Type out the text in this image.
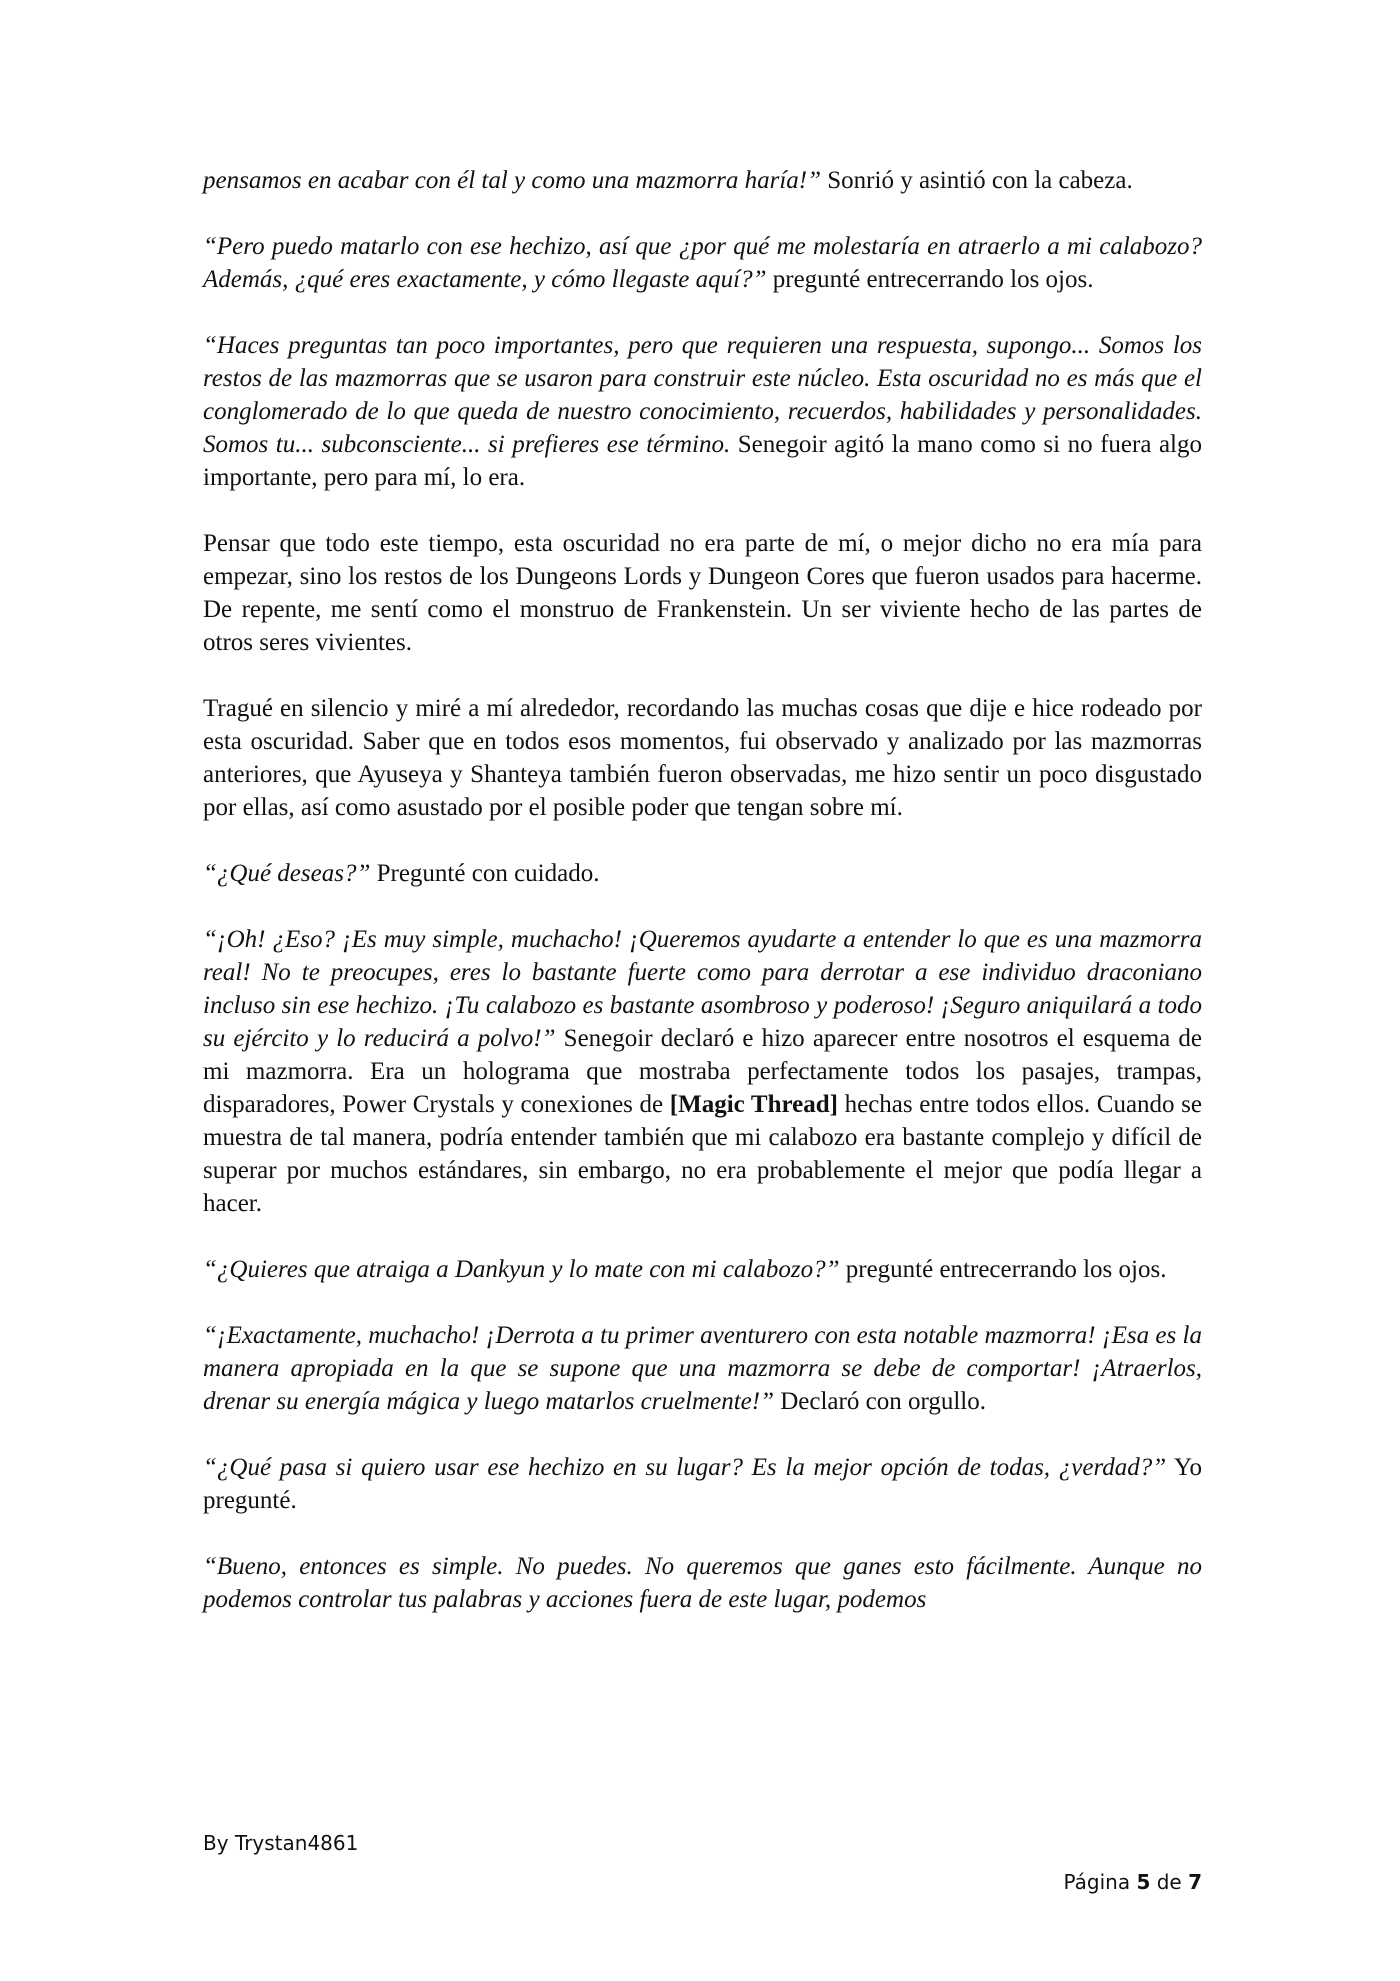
pensamos en acabar con él tal y como una mazmorra haría!” Sonrió y asintió con la cabeza.

“Pero puedo matarlo con ese hechizo, así que ¿por qué me molestaría en atraerlo a mi calabozo? Además, ¿qué eres exactamente, y cómo llegaste aquí?” pregunté entrecerrando los ojos.

“Haces preguntas tan poco importantes, pero que requieren una respuesta, supongo... Somos los restos de las mazmorras que se usaron para construir este núcleo. Esta oscuridad no es más que el conglomerado de lo que queda de nuestro conocimiento, recuerdos, habilidades y personalidades. Somos tu... subconsciente... si prefieres ese término. Senegoir agitó la mano como si no fuera algo importante, pero para mí, lo era.

Pensar que todo este tiempo, esta oscuridad no era parte de mí, o mejor dicho no era mía para empezar, sino los restos de los Dungeons Lords y Dungeon Cores que fueron usados para hacerme. De repente, me sentí como el monstruo de Frankenstein. Un ser viviente hecho de las partes de otros seres vivientes.

Tragué en silencio y miré a mí alrededor, recordando las muchas cosas que dije e hice rodeado por esta oscuridad. Saber que en todos esos momentos, fui observado y analizado por las mazmorras anteriores, que Ayuseya y Shanteya también fueron observadas, me hizo sentir un poco disgustado por ellas, así como asustado por el posible poder que tengan sobre mí.

“¿Qué deseas?” Pregunté con cuidado.

“¡Oh! ¿Eso? ¡Es muy simple, muchacho! ¡Queremos ayudarte a entender lo que es una mazmorra real! No te preocupes, eres lo bastante fuerte como para derrotar a ese individuo draconiano incluso sin ese hechizo. ¡Tu calabozo es bastante asombroso y poderoso! ¡Seguro aniquilará a todo su ejército y lo reducirá a polvo!” Senegoir declaró e hizo aparecer entre nosotros el esquema de mi mazmorra. Era un holograma que mostraba perfectamente todos los pasajes, trampas, disparadores, Power Crystals y conexiones de [Magic Thread] hechas entre todos ellos. Cuando se muestra de tal manera, podría entender también que mi calabozo era bastante complejo y difícil de superar por muchos estándares, sin embargo, no era probablemente el mejor que podía llegar a hacer.

“¿Quieres que atraiga a Dankyun y lo mate con mi calabozo?” pregunté entrecerrando los ojos.

“¡Exactamente, muchacho! ¡Derrota a tu primer aventurero con esta notable mazmorra! ¡Esa es la manera apropiada en la que se supone que una mazmorra se debe de comportar! ¡Atraerlos, drenar su energía mágica y luego matarlos cruelmente!” Declaró con orgullo.

“¿Qué pasa si quiero usar ese hechizo en su lugar? Es la mejor opción de todas, ¿verdad?” Yo pregunté.

“Bueno, entonces es simple. No puedes. No queremos que ganes esto fácilmente. Aunque no podemos controlar tus palabras y acciones fuera de este lugar, podemos

By Trystan4861
Página 5 de 7
